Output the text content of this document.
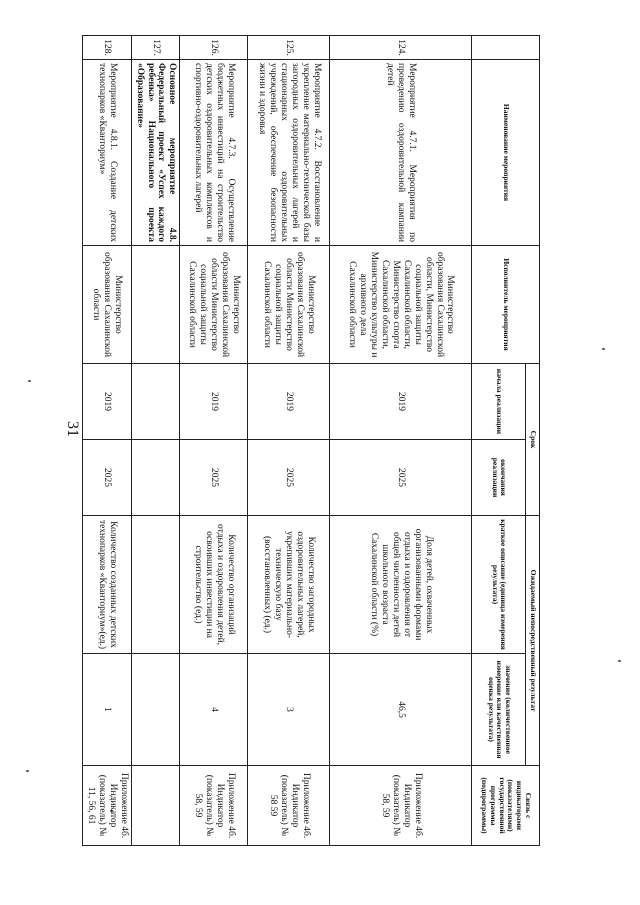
31
	Наименование мероприятия	Исполнитель мероприятия	Срок		Ожидаемый непосредственный результат		Связь с индикаторами (показателями) государственной программы (подпрограммы)
			начала реализации	окончания реализации	краткое описание (единица измерения результата)	значение (количественное измерение или качественная оценка результата)	
124.	Мероприятие 4.7.1. Мероприятия по проведению оздоровительной кампании детей	Министерство образования Сахалинской области, Министерство социальной защиты Сахалинской области, Министерство спорта Сахалинской области, Министерство культуры и архивного дела Сахалинской области	2019	2025	Доля детей, охваченных организованными формами отдыха и оздоровления от общей численности детей школьного возраста Сахалинской области (%)	46,5	Приложение 4б. Индикатор (показатель) № 58, 59
125.	Мероприятие 4.7.2. Восстановление и укрепление материально-технической базы загородных оздоровительных лагерей и стационарных оздоровительных учреждений, обеспечение безопасности жизни и здоровья	Министерство образования Сахалинской области Министерство социальной защиты Сахалинской области	2019	2025	Количество загородных оздоровительных лагерей, укрепивших материально-техническую базу (восстановленных) (ед.)	3	Приложение 4б. Индикатор (показатель) № 58 59
126.	Мероприятие 4.7.3. Осуществление бюджетных инвестиций на строительство детских оздоровительных комплексов и спортивно-оздоровительных лагерей	Министерство образования Сахалинской области Министерство социальной защиты Сахалинской области	2019	2025	Количество организаций отдыха и оздоровления детей, освоивших инвестиции на строительство (ед.)	4	Приложение 4б. Индикатор (показатель) № 58, 59
127.	Основное мероприятие 4.8. Федеральный проект «Успех каждого ребенка» Национального проекта «Образование»						
128.	Мероприятие 4.8.1. Создание детских технопарков «Кванториум»	Министерство образования Сахалинской области	2019	2025	Количество созданных детских технопарков «Кванториум»(ед.)	1	Приложение 4б. Индикатор (показатель) № 11, 56, 61
